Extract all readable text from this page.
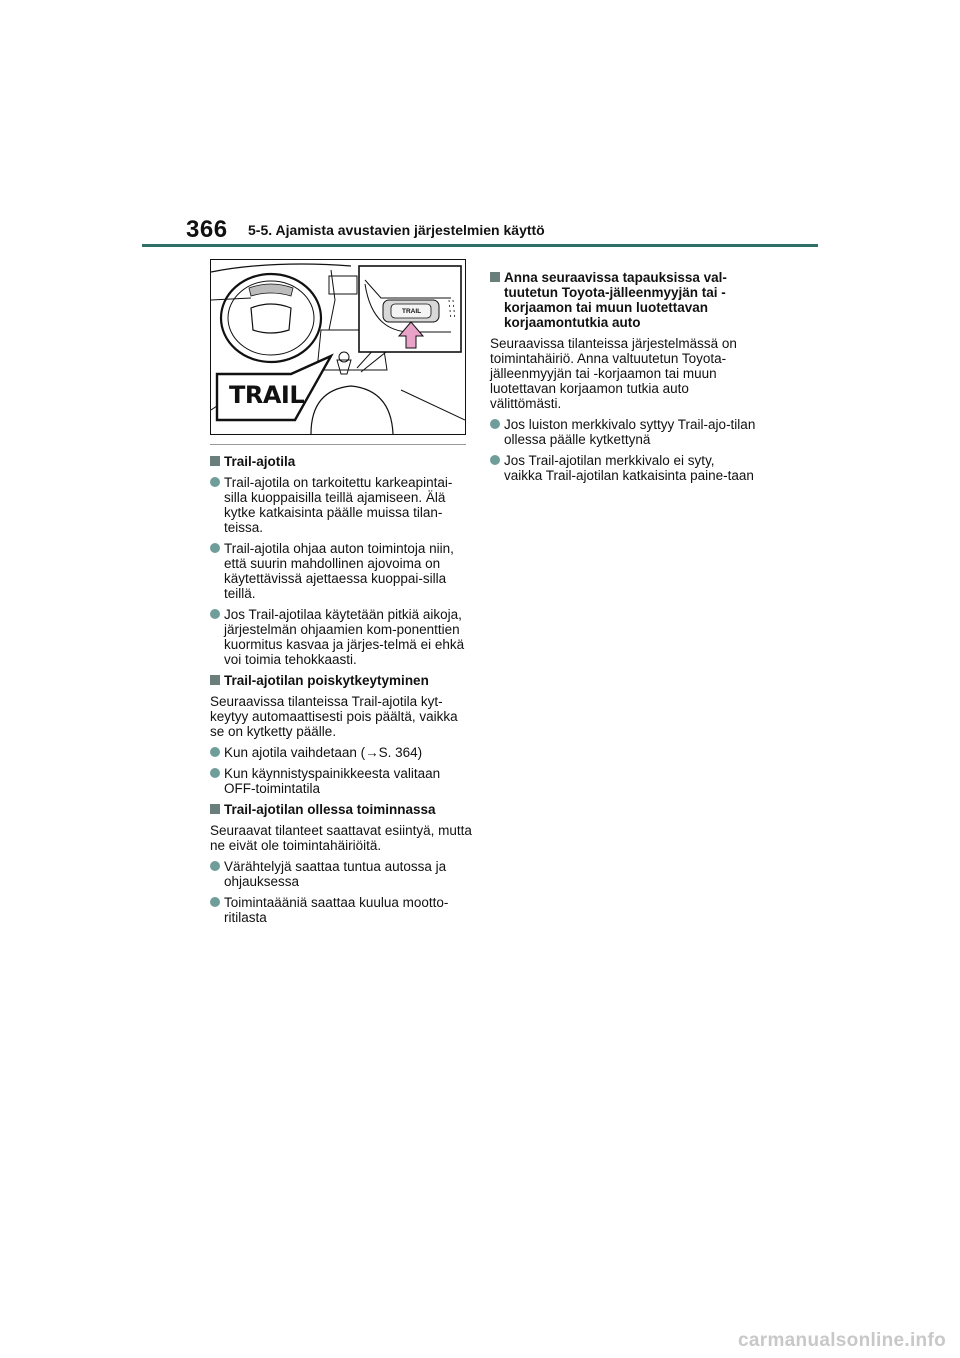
366 5-5. Ajamista avustavien järjestelmien käyttö
TRAIL
TRAIL
Trail-ajotila
Trail-ajotila on tarkoitettu karkeapintai-silla kuoppaisilla teillä ajamiseen. Älä kytke katkaisinta päälle muissa tilan-teissa.
Trail-ajotila ohjaa auton toimintoja niin, että suurin mahdollinen ajovoima on käytettävissä ajettaessa kuoppai-silla teillä.
Jos Trail-ajotilaa käytetään pitkiä aikoja, järjestelmän ohjaamien kom-ponenttien kuormitus kasvaa ja järjes-telmä ei ehkä voi toimia tehokkaasti.
Trail-ajotilan poiskytkeytyminen
Seuraavissa tilanteissa Trail-ajotila kyt-keytyy automaattisesti pois päältä, vaikka se on kytketty päälle.
Kun ajotila vaihdetaan (→S. 364)
Kun käynnistyspainikkeesta valitaan OFF-toimintatila
Trail-ajotilan ollessa toiminnassa
Seuraavat tilanteet saattavat esiintyä, mutta ne eivät ole toimintahäiriöitä.
Värähtelyjä saattaa tuntua autossa ja ohjauksessa
Toimintaääniä saattaa kuulua mootto-ritilasta
Anna seuraavissa tapauksissa val-tuutetun Toyota-jälleenmyyjän tai -korjaamon tai muun luotettavan korjaamontutkia auto
Seuraavissa tilanteissa järjestelmässä on toimintahäiriö. Anna valtuutetun Toyota-jälleenmyyjän tai -korjaamon tai muun luotettavan korjaamon tutkia auto välittömästi.
Jos luiston merkkivalo syttyy Trail-ajo-tilan ollessa päälle kytkettynä
Jos Trail-ajotilan merkkivalo ei syty, vaikka Trail-ajotilan katkaisinta paine-taan
carmanualsonline.info
